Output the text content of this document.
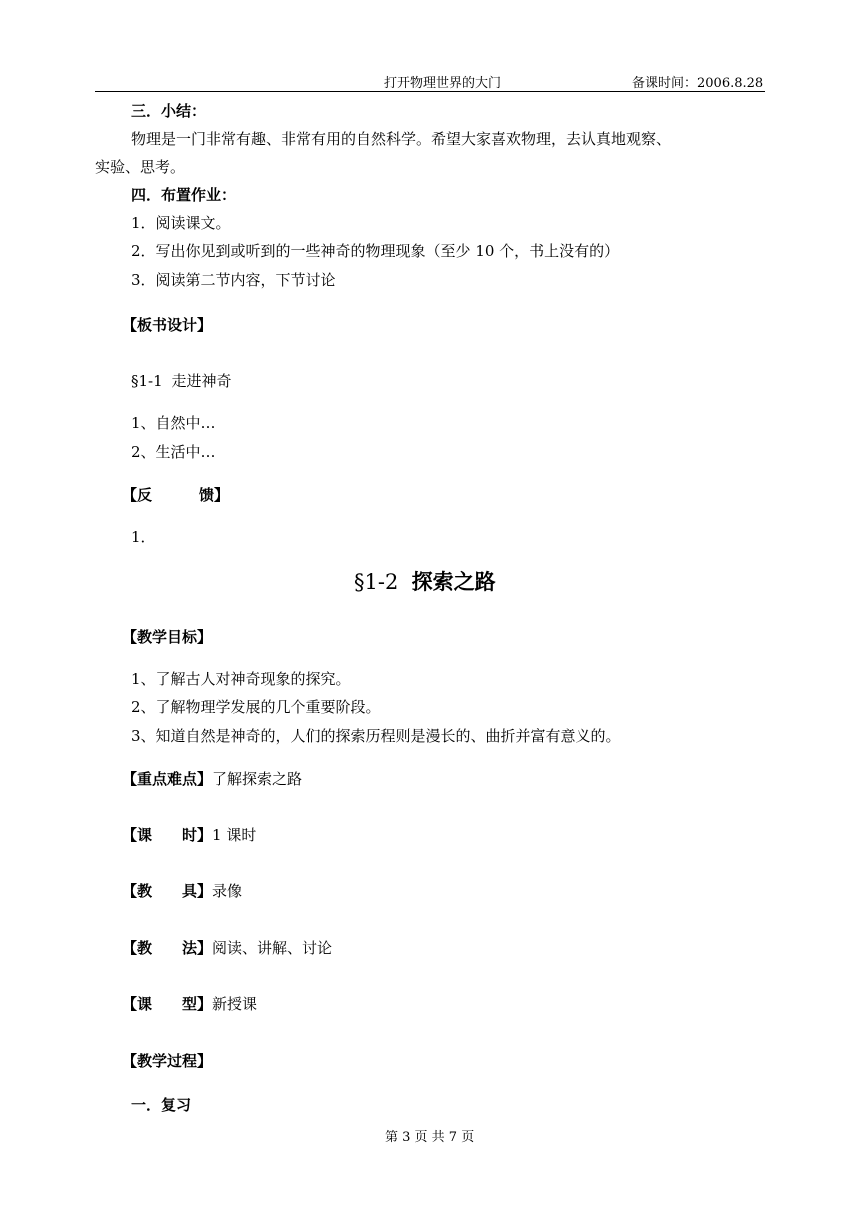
打开物理世界的大门	备课时间：2006.8.28
三．小结：
物理是一门非常有趣、非常有用的自然科学。希望大家喜欢物理，去认真地观察、
实验、思考。
四．布置作业：
1．阅读课文。
2．写出你见到或听到的一些神奇的物理现象（至少 10 个，书上没有的）
3．阅读第二节内容，下节讨论
【板书设计】
§1-1 走进神奇
1、自然中…
2、生活中…
【反	馈】
1．
§1-2 探索之路
【教学目标】
1、了解古人对神奇现象的探究。
2、了解物理学发展的几个重要阶段。
3、知道自然是神奇的，人们的探索历程则是漫长的、曲折并富有意义的。
【重点难点】了解探索之路
【课 时】1 课时
【教 具】录像
【教 法】阅读、讲解、讨论
【课 型】新授课
【教学过程】
一．复习
第 3 页 共 7 页
